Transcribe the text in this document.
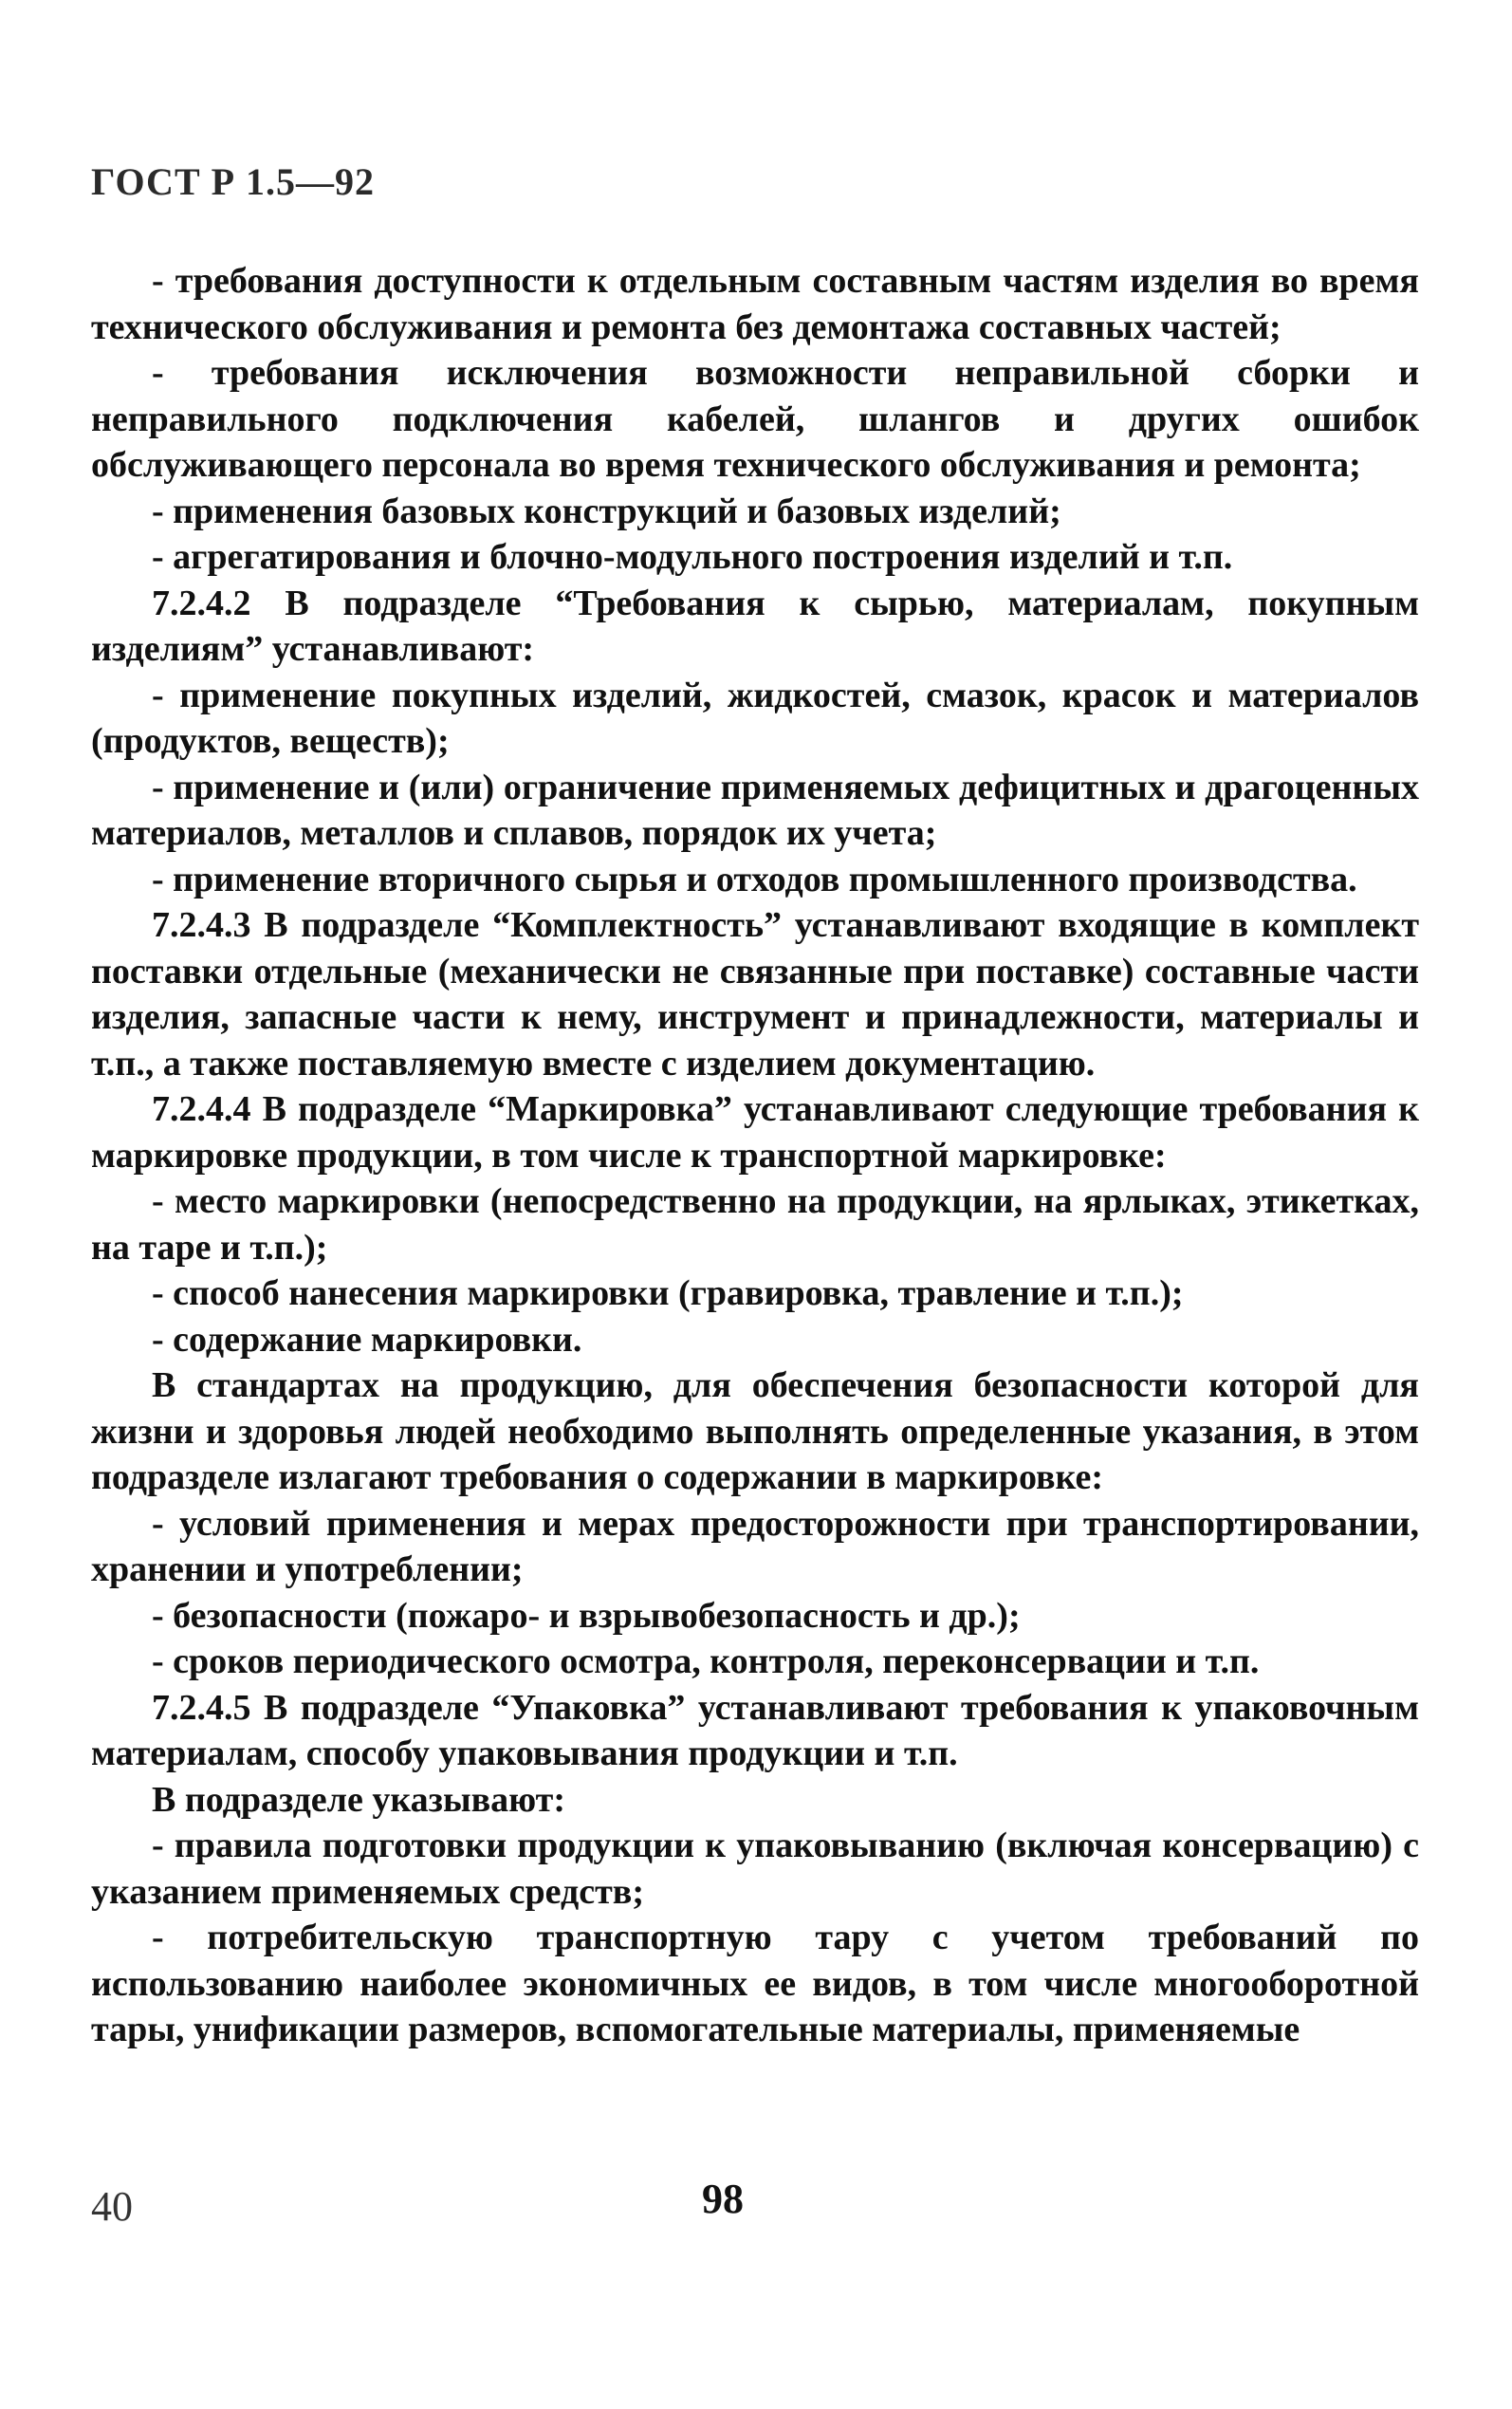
ГОСТ Р 1.5—92

- требования доступности к отдельным составным частям изделия во время технического обслуживания и ремонта без демонтажа составных частей;

- требования исключения возможности неправильной сборки и неправильного подключения кабелей, шлангов и других ошибок обслуживающего персонала во время технического обслуживания и ремонта;

- применения базовых конструкций и базовых изделий;

- агрегатирования и блочно-модульного построения изделий и т.п.

7.2.4.2 В подразделе “Требования к сырью, материалам, покупным изделиям” устанавливают:

- применение покупных изделий, жидкостей, смазок, красок и материалов (продуктов, веществ);

- применение и (или) ограничение применяемых дефицитных и драгоценных материалов, металлов и сплавов, порядок их учета;

- применение вторичного сырья и отходов промышленного производства.

7.2.4.3 В подразделе “Комплектность” устанавливают входящие в комплект поставки отдельные (механически не связанные при поставке) составные части изделия, запасные части к нему, инструмент и принадлежности, материалы и т.п., а также поставляемую вместе с изделием документацию.

7.2.4.4 В подразделе “Маркировка” устанавливают следующие требования к маркировке продукции, в том числе к транспортной маркировке:

- место маркировки (непосредственно на продукции, на ярлыках, этикетках, на таре и т.п.);

- способ нанесения маркировки (гравировка, травление и т.п.);

- содержание маркировки.

В стандартах на продукцию, для обеспечения безопасности которой для жизни и здоровья людей необходимо выполнять определенные указания, в этом подразделе излагают требования о содержании в маркировке:

- условий применения и мерах предосторожности при транспортировании, хранении и употреблении;

- безопасности (пожаро- и взрывобезопасность и др.);

- сроков периодического осмотра, контроля, переконсервации и т.п.

7.2.4.5 В подразделе “Упаковка” устанавливают требования к упаковочным материалам, способу упаковывания продукции и т.п.

В подразделе указывают:

- правила подготовки продукции к упаковыванию (включая консервацию) с указанием применяемых средств;

- потребительскую транспортную тару с учетом требований по использованию наиболее экономичных ее видов, в том числе многооборотной тары, унификации размеров, вспомогательные материалы, применяемые

40	98
